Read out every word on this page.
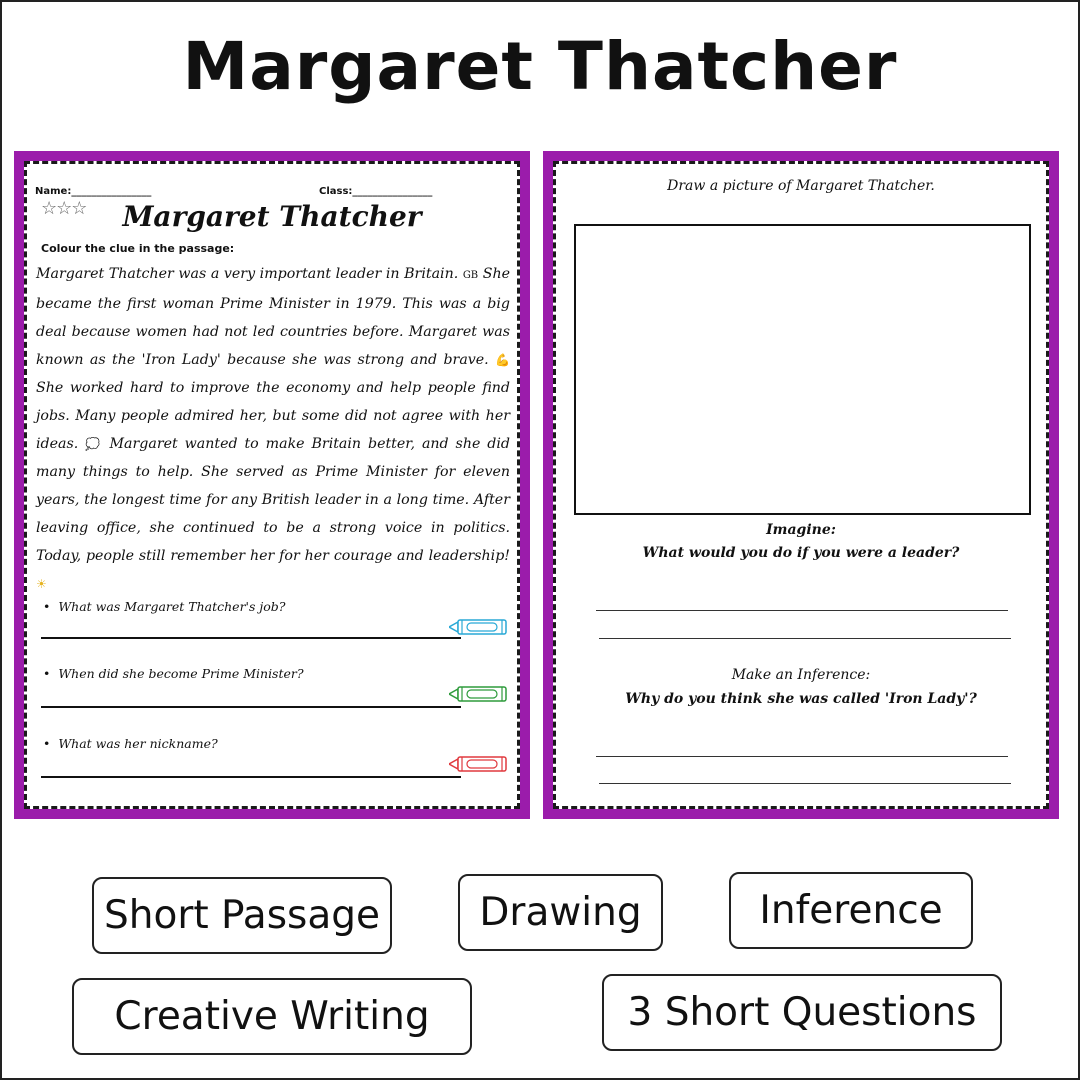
Margaret Thatcher
Name:________________	Class:________________
☆☆☆	Margaret Thatcher
Colour the clue in the passage:
Margaret Thatcher was a very important leader in Britain. GB She became the first woman Prime Minister in 1979. This was a big deal because women had not led countries before. Margaret was known as the 'Iron Lady' because she was strong and brave. 💪 She worked hard to improve the economy and help people find jobs. Many people admired her, but some did not agree with her ideas. 💭 Margaret wanted to make Britain better, and she did many things to help. She served as Prime Minister for eleven years, the longest time for any British leader in a long time. After leaving office, she continued to be a strong voice in politics. Today, people still remember her for her courage and leadership! ☀
• What was Margaret Thatcher's job?
• When did she become Prime Minister?
• What was her nickname?
Draw a picture of Margaret Thatcher.
Imagine:
What would you do if you were a leader?
Make an Inference:
Why do you think she was called 'Iron Lady'?
Short Passage	Drawing	Inference
Creative Writing	3 Short Questions
